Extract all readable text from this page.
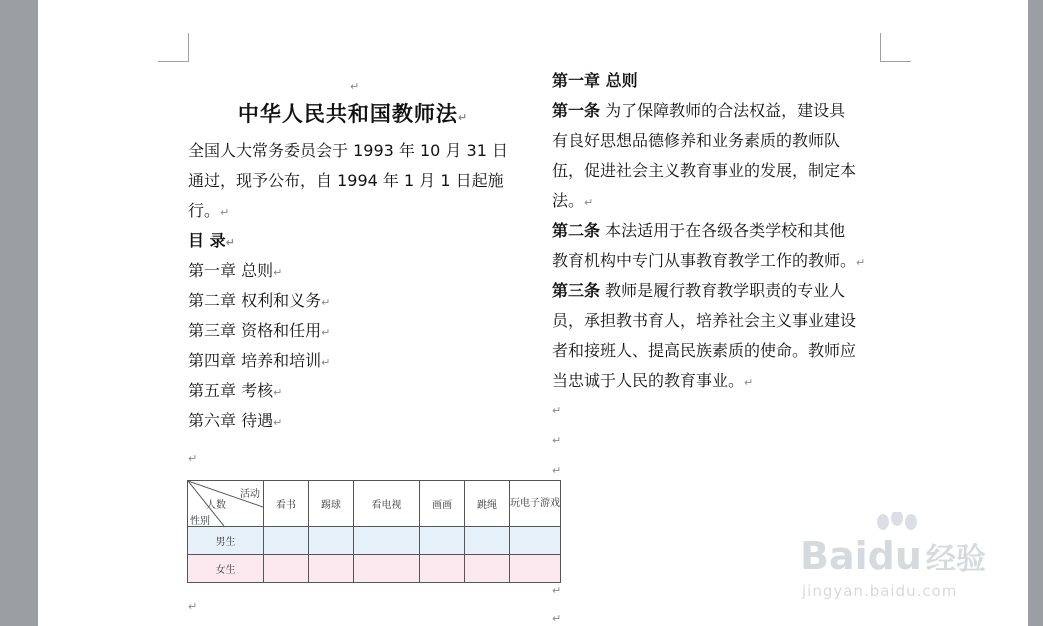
↵
中华人民共和国教师法↵
全国人大常务委员会于 1993 年 10 月 31 日
通过，现予公布，自 1994 年 1 月 1 日起施
行。↵
目 录↵
第一章 总则↵
第二章 权利和义务↵
第三章 资格和任用↵
第四章 培养和培训↵
第五章 考核↵
第六章 待遇↵
↵
活动
人数
性别	看书	踢球	看电视	画画	跳绳	玩电子游戏
男生						
女生						
↵
第一章 总则
第一条 为了保障教师的合法权益，建设具
有良好思想品德修养和业务素质的教师队
伍，促进社会主义教育事业的发展，制定本
法。↵
第二条 本法适用于在各级各类学校和其他
教育机构中专门从事教育教学工作的教师。↵
第三条 教师是履行教育教学职责的专业人
员，承担教书育人，培养社会主义事业建设
者和接班人、提高民族素质的使命。教师应
当忠诚于人民的教育事业。↵
↵
↵
↵
↵
↵
Baidu 经验
jingyan.baidu.com
